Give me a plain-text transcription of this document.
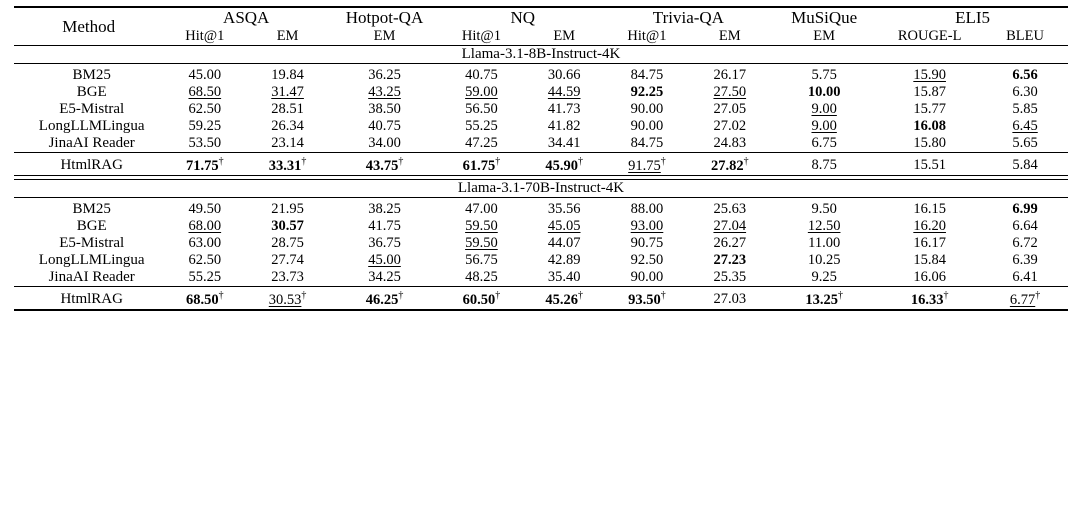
Method	ASQA		Hotpot-QA	NQ		Trivia-QA		MuSiQue	ELI5	
	Hit@1	EM	EM	Hit@1	EM	Hit@1	EM	EM	ROUGE-L	BLEU
Llama-3.1-8B-Instruct-4K										

BM25	45.00	19.84	36.25	40.75	30.66	84.75	26.17	5.75	15.90	6.56
BGE	68.50	31.47	43.25	59.00	44.59	92.25	27.50	10.00	15.87	6.30
E5-Mistral	62.50	28.51	38.50	56.50	41.73	90.00	27.05	9.00	15.77	5.85
LongLLMLingua	59.25	26.34	40.75	55.25	41.82	90.00	27.02	9.00	16.08	6.45
JinaAI Reader	53.50	23.14	34.00	47.25	34.41	84.75	24.83	6.75	15.80	5.65

HtmlRAG	71.75†	33.31†	43.75†	61.75†	45.90†	91.75†	27.82†	8.75	15.51	5.84

Llama-3.1-70B-Instruct-4K										

BM25	49.50	21.95	38.25	47.00	35.56	88.00	25.63	9.50	16.15	6.99
BGE	68.00	30.57	41.75	59.50	45.05	93.00	27.04	12.50	16.20	6.64
E5-Mistral	63.00	28.75	36.75	59.50	44.07	90.75	26.27	11.00	16.17	6.72
LongLLMLingua	62.50	27.74	45.00	56.75	42.89	92.50	27.23	10.25	15.84	6.39
JinaAI Reader	55.25	23.73	34.25	48.25	35.40	90.00	25.35	9.25	16.06	6.41

HtmlRAG	68.50†	30.53†	46.25†	60.50†	45.26†	93.50†	27.03	13.25†	16.33†	6.77†
